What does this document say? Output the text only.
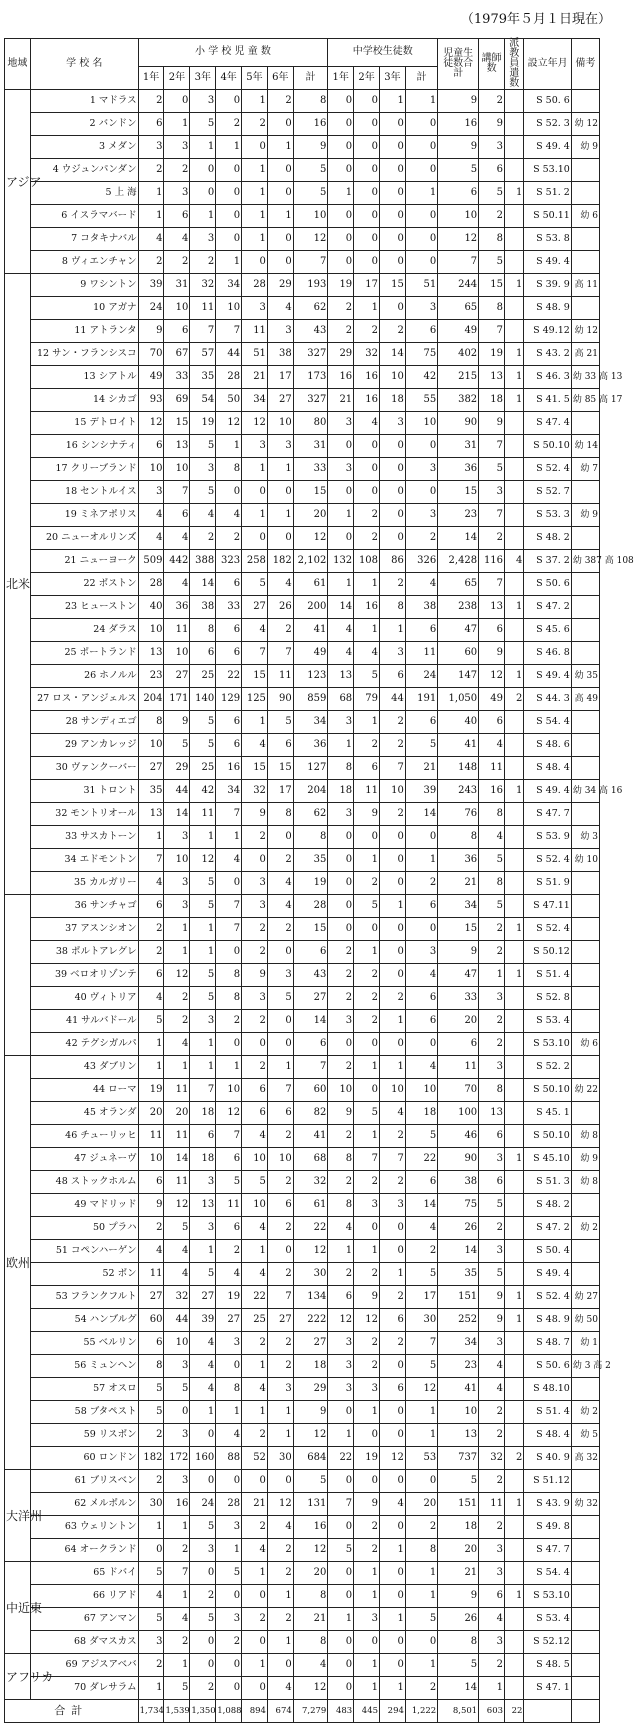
（1979年５月１日現在）
地域	学 校 名	小 学 校 児 童 数							中学校生徒数				児童生徒数合計	講師数	派教員遣数	設立年月	備考
		1年	2年	3年	4年	5年	6年	計	1年	2年	3年	計					
アジア	1 マドラス	2	0	3	0	1	2	8	0	0	1	1	9	2		S 50. 6	
	2 バンドン	6	1	5	2	2	0	16	0	0	0	0	16	9		S 52. 3	幼 12
	3 メダン	3	3	1	1	0	1	9	0	0	0	0	9	3		S 49. 4	幼 9
	4 ウジュンパンダン	2	2	0	0	1	0	5	0	0	0	0	5	6		S 53.10	
	5 上 海	1	3	0	0	1	0	5	1	0	0	1	6	5	1	S 51. 2	
	6 イスラマバード	1	6	1	0	1	1	10	0	0	0	0	10	2		S 50.11	幼 6
	7 コタキナバル	4	4	3	0	1	0	12	0	0	0	0	12	8		S 53. 8	
	8 ヴィエンチャン	2	2	2	1	0	0	7	0	0	0	0	7	5		S 49. 4	
北米	9 ワシントン	39	31	32	34	28	29	193	19	17	15	51	244	15	1	S 39. 9	高 11
	10 アガナ	24	10	11	10	3	4	62	2	1	0	3	65	8		S 48. 9	
	11 アトランタ	9	6	7	7	11	3	43	2	2	2	6	49	7		S 49.12	幼 12
	12 サン・フランシスコ	70	67	57	44	51	38	327	29	32	14	75	402	19	1	S 43. 2	高 21
	13 シアトル	49	33	35	28	21	17	173	16	16	10	42	215	13	1	S 46. 3	幼 33 高 13
	14 シカゴ	93	69	54	50	34	27	327	21	16	18	55	382	18	1	S 41. 5	幼 85 高 17
	15 デトロイト	12	15	19	12	12	10	80	3	4	3	10	90	9		S 47. 4	
	16 シンシナティ	6	13	5	1	3	3	31	0	0	0	0	31	7		S 50.10	幼 14
	17 クリーブランド	10	10	3	8	1	1	33	3	0	0	3	36	5		S 52. 4	幼 7
	18 セントルイス	3	7	5	0	0	0	15	0	0	0	0	15	3		S 52. 7	
	19 ミネアポリス	4	6	4	4	1	1	20	1	2	0	3	23	7		S 53. 3	幼 9
	20 ニューオルリンズ	4	4	2	2	0	0	12	0	2	0	2	14	2		S 48. 2	
	21 ニューヨーク	509	442	388	323	258	182	2,102	132	108	86	326	2,428	116	4	S 37. 2	幼 387 高 108
	22 ボストン	28	4	14	6	5	4	61	1	1	2	4	65	7		S 50. 6	
	23 ヒューストン	40	36	38	33	27	26	200	14	16	8	38	238	13	1	S 47. 2	
	24 ダラス	10	11	8	6	4	2	41	4	1	1	6	47	6		S 45. 6	
	25 ポートランド	13	10	6	6	7	7	49	4	4	3	11	60	9		S 46. 8	
	26 ホノルル	23	27	25	22	15	11	123	13	5	6	24	147	12	1	S 49. 4	幼 35
	27 ロス・アンジェルス	204	171	140	129	125	90	859	68	79	44	191	1,050	49	2	S 44. 3	高 49
	28 サンディエゴ	8	9	5	6	1	5	34	3	1	2	6	40	6		S 54. 4	
	29 アンカレッジ	10	5	5	6	4	6	36	1	2	2	5	41	4		S 48. 6	
	30 ヴァンクーバー	27	29	25	16	15	15	127	8	6	7	21	148	11		S 48. 4	
	31 トロント	35	44	42	34	32	17	204	18	11	10	39	243	16	1	S 49. 4	幼 34 高 16
	32 モントリオール	13	14	11	7	9	8	62	3	9	2	14	76	8		S 47. 7	
	33 サスカトーン	1	3	1	1	2	0	8	0	0	0	0	8	4		S 53. 9	幼 3
	34 エドモントン	7	10	12	4	0	2	35	0	1	0	1	36	5		S 52. 4	幼 10
	35 カルガリー	4	3	5	0	3	4	19	0	2	0	2	21	8		S 51. 9	
	36 サンチャゴ	6	3	5	7	3	4	28	0	5	1	6	34	5		S 47.11	
	37 アスンシオン	2	1	1	7	2	2	15	0	0	0	0	15	2	1	S 52. 4	
	38 ポルトアレグレ	2	1	1	0	2	0	6	2	1	0	3	9	2		S 50.12	
	39 ベロオリゾンテ	6	12	5	8	9	3	43	2	2	0	4	47	1	1	S 51. 4	
	40 ヴィトリア	4	2	5	8	3	5	27	2	2	2	6	33	3		S 52. 8	
	41 サルバドール	5	2	3	2	2	0	14	3	2	1	6	20	2		S 53. 4	
	42 テグシガルパ	1	4	1	0	0	0	6	0	0	0	0	6	2		S 53.10	幼 6
欧州	43 ダブリン	1	1	1	1	2	1	7	2	1	1	4	11	3		S 52. 2	
	44 ローマ	19	11	7	10	6	7	60	10	0	10	10	70	8		S 50.10	幼 22
	45 オランダ	20	20	18	12	6	6	82	9	5	4	18	100	13		S 45. 1	
	46 チューリッヒ	11	11	6	7	4	2	41	2	1	2	5	46	6		S 50.10	幼 8
	47 ジュネーヴ	10	14	18	6	10	10	68	8	7	7	22	90	3	1	S 45.10	幼 9
	48 ストックホルム	6	11	3	5	5	2	32	2	2	2	6	38	6		S 51. 3	幼 8
	49 マドリッド	9	12	13	11	10	6	61	8	3	3	14	75	5		S 48. 2	
	50 プラハ	2	5	3	6	4	2	22	4	0	0	4	26	2		S 47. 2	幼 2
	51 コペンハーゲン	4	4	1	2	1	0	12	1	1	0	2	14	3		S 50. 4	
	52 ボン	11	4	5	4	4	2	30	2	2	1	5	35	5		S 49. 4	
	53 フランクフルト	27	32	27	19	22	7	134	6	9	2	17	151	9	1	S 52. 4	幼 27
	54 ハンブルグ	60	44	39	27	25	27	222	12	12	6	30	252	9	1	S 48. 9	幼 50
	55 ベルリン	6	10	4	3	2	2	27	3	2	2	7	34	3		S 48. 7	幼 1
	56 ミュンヘン	8	3	4	0	1	2	18	3	2	0	5	23	4		S 50. 6	幼 3 高 2
	57 オスロ	5	5	4	8	4	3	29	3	3	6	12	41	4		S 48.10	
	58 ブタペスト	5	0	1	1	1	1	9	0	1	0	1	10	2		S 51. 4	幼 2
	59 リスボン	2	3	0	4	2	1	12	1	0	0	1	13	2		S 48. 4	幼 5
	60 ロンドン	182	172	160	88	52	30	684	22	19	12	53	737	32	2	S 40. 9	高 32
大洋州	61 ブリスベン	2	3	0	0	0	0	5	0	0	0	0	5	2		S 51.12	
	62 メルボルン	30	16	24	28	21	12	131	7	9	4	20	151	11	1	S 43. 9	幼 32
	63 ウェリントン	1	1	5	3	2	4	16	0	2	0	2	18	2		S 49. 8	
	64 オークランド	0	2	3	1	4	2	12	5	2	1	8	20	3		S 47. 7	
中近東	65 ドバイ	5	7	0	5	1	2	20	0	1	0	1	21	3		S 54. 4	
	66 リアド	4	1	2	0	0	1	8	0	1	0	1	9	6	1	S 53.10	
	67 アンマン	5	4	5	3	2	2	21	1	3	1	5	26	4		S 53. 4	
	68 ダマスカス	3	2	0	2	0	1	8	0	0	0	0	8	3		S 52.12	
アフリカ	69 アジスアベバ	2	1	0	0	1	0	4	0	1	0	1	5	2		S 48. 5	
	70 ダレサラム	1	5	2	0	0	4	12	0	1	1	2	14	1		S 47. 1	
合計		1,734	1,539	1,350	1,088	894	674	7,279	483	445	294	1,222	8,501	603	22		
